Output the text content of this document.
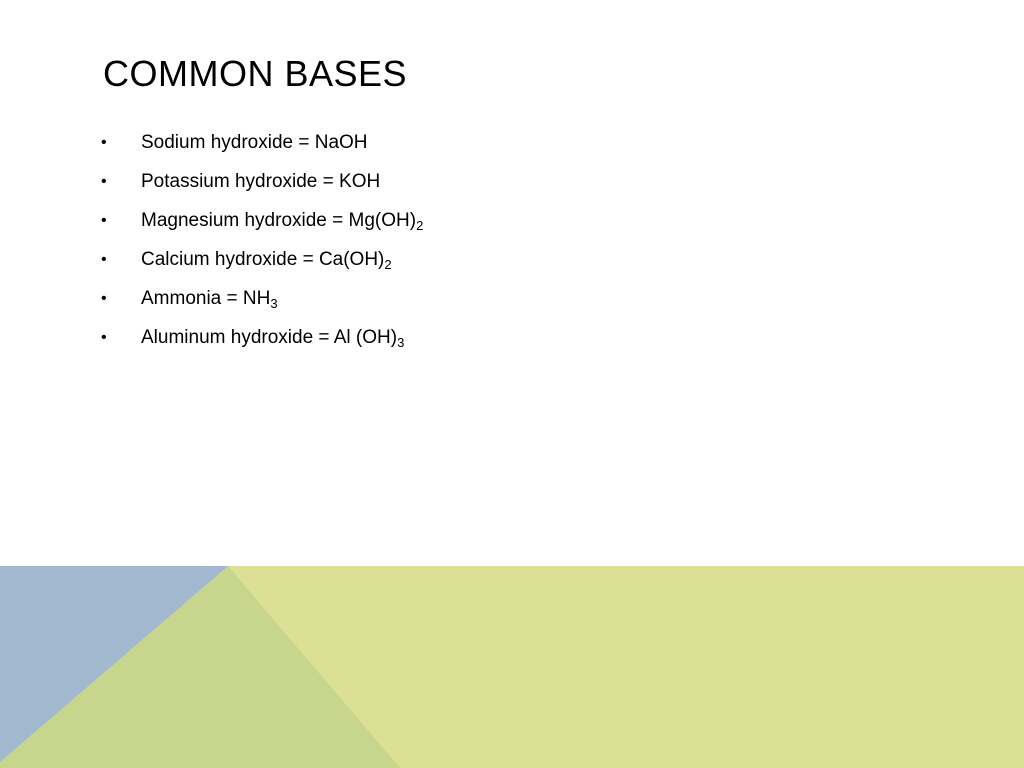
COMMON BASES
• Sodium hydroxide = NaOH
• Potassium hydroxide = KOH
• Magnesium hydroxide = $Mg(OH)_2$
• Calcium hydroxide = $Ca(OH)_2$
• Ammonia = $NH_3$
• Aluminum hydroxide = Al $(OH)_3$
